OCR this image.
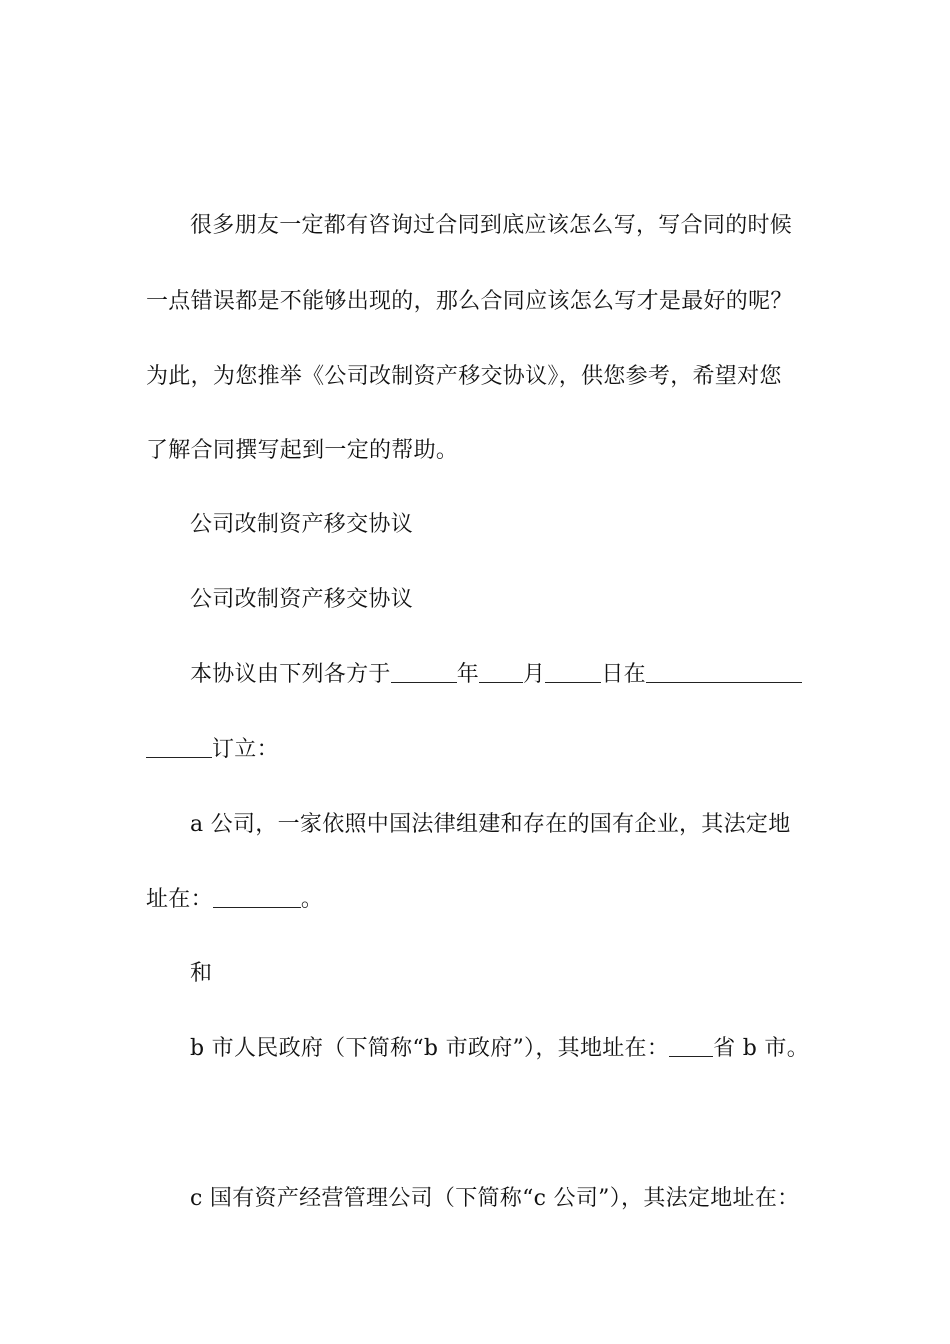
很多朋友一定都有咨询过合同到底应该怎么写，写合同的时候
一点错误都是不能够出现的，那么合同应该怎么写才是最好的呢？
为此，为您推举《公司改制资产移交协议》，供您参考，希望对您
了解合同撰写起到一定的帮助。
公司改制资产移交协议
公司改制资产移交协议
本协议由下列各方于	年 月	日在
订立：
a 公司，一家依照中国法律组建和存在的国有企业，其法定地
址在：	。
和
b 市人民政府（下简称“b 市政府”），其地址在： 省 b 市。
c 国有资产经营管理公司（下简称“c 公司”），其法定地址在：
